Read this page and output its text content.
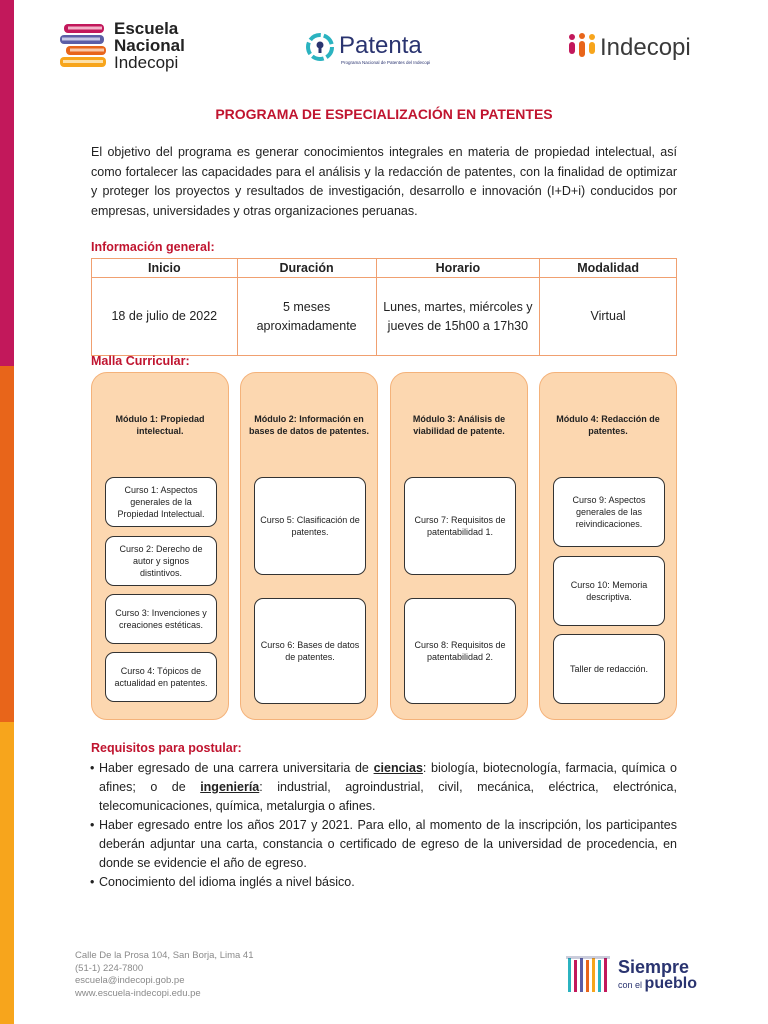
Escuela
Nacional
Indecopi
Patenta
Programa Nacional de Patentes del Indecopi
Indecopi
PROGRAMA DE ESPECIALIZACIÓN EN PATENTES

El objetivo del programa es generar conocimientos integrales en materia de propiedad intelectual, así como fortalecer las capacidades para el análisis y la redacción de patentes, con la finalidad de optimizar y proteger los proyectos y resultados de investigación, desarrollo e innovación (I+D+i) conducidos por empresas, universidades y otras organizaciones peruanas.

Información general:
Inicio	Duración	Horario	Modalidad
18 de julio de 2022	5 meses aproximadamente	Lunes, martes, miércoles y jueves de 15h00 a 17h30	Virtual
Malla Curricular:
Módulo 1: Propiedad intelectual.
Curso 1: Aspectos generales de la Propiedad Intelectual.
Curso 2: Derecho de autor y signos distintivos.
Curso 3: Invenciones y creaciones estéticas.
Curso 4: Tópicos de actualidad en patentes.
Módulo 2: Información en bases de datos de patentes.
Curso 5: Clasificación de patentes.
Curso 6: Bases de datos de patentes.
Módulo 3: Análisis de viabilidad de patente.
Curso 7: Requisitos de patentabilidad 1.
Curso 8: Requisitos de patentabilidad 2.
Módulo 4: Redacción de patentes.
Curso 9: Aspectos generales de las reivindicaciones.
Curso 10: Memoria descriptiva.
Taller de redacción.
Requisitos para postular:
• Haber egresado de una carrera universitaria de ciencias: biología, biotecnología, farmacia, química o afines; o de ingeniería: industrial, agroindustrial, civil, mecánica, eléctrica, electrónica, telecomunicaciones, química, metalurgia o afines.
• Haber egresado entre los años 2017 y 2021. Para ello, al momento de la inscripción, los participantes deberán adjuntar una carta, constancia o certificado de egreso de la universidad de procedencia, en donde se evidencie el año de egreso.
• Conocimiento del idioma inglés a nivel básico.
Calle De la Prosa 104, San Borja, Lima 41
(51-1) 224-7800
escuela@indecopi.gob.pe
www.escuela-indecopi.edu.pe
Siempre
con el pueblo
